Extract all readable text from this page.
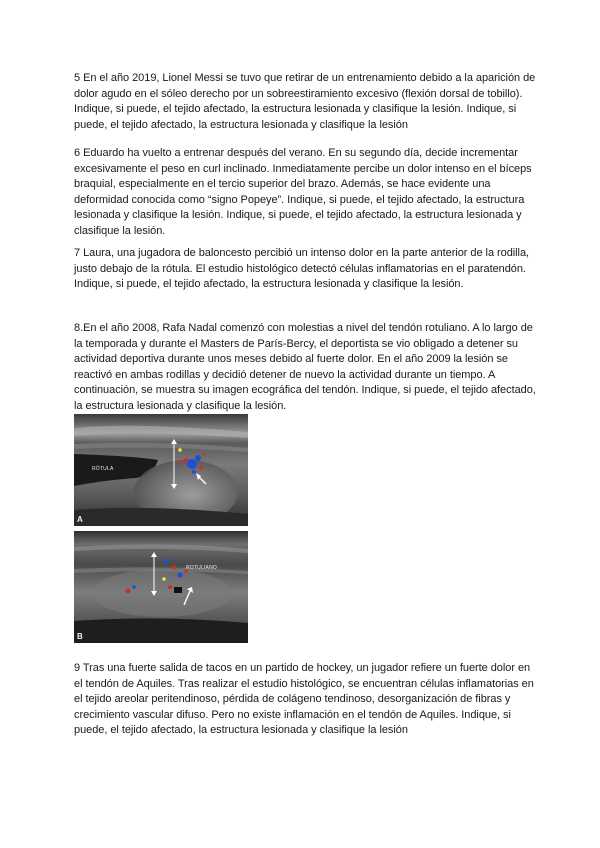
5 En el año 2019, Lionel Messi se tuvo que retirar de un entrenamiento debido a la aparición de dolor agudo en el sóleo derecho por un sobreestiramiento excesivo (flexión dorsal de tobillo). Indique, si puede, el tejido afectado, la estructura lesionada y clasifique la lesión. Indique, si puede, el tejido afectado, la estructura lesionada y clasifique la lesión

6 Eduardo ha vuelto a entrenar después del verano. En su segundo día, decide incrementar excesivamente el peso en curl inclinado. Inmediatamente percibe un dolor intenso en el bíceps braquial, especialmente en el tercio superior del brazo. Además, se hace evidente una deformidad conocida como “signo Popeye”. Indique, si puede, el tejido afectado, la estructura lesionada y clasifique la lesión. Indique, si puede, el tejido afectado, la estructura lesionada y clasifique la lesión.

7 Laura, una jugadora de baloncesto percibió un intenso dolor en la parte anterior de la rodilla, justo debajo de la rótula. El estudio histológico detectó células inflamatorias en el paratendón. Indique, si puede, el tejido afectado, la estructura lesionada y clasifique la lesión.

8.En el año 2008, Rafa Nadal comenzó con molestias a nivel del tendón rotuliano. A lo largo de la temporada y durante el Masters de París-Bercy, el deportista se vio obligado a detener su actividad deportiva durante unos meses debido al fuerte dolor. En el año 2009 la lesión se reactivó en ambas rodillas y decidió detener de nuevo la actividad durante un tiempo. A continuación, se muestra su imagen ecográfica del tendón. Indique, si puede, el tejido afectado, la estructura lesionada y clasifique la lesión.

RÓTULA
A
ROTULIANO
B

9 Tras una fuerte salida de tacos en un partido de hockey, un jugador refiere un fuerte dolor en el tendón de Aquiles. Tras realizar el estudio histológico, se encuentran células inflamatorias en el tejido areolar peritendinoso, pérdida de colágeno tendinoso, desorganización de fibras y crecimiento vascular difuso. Pero no existe inflamación en el tendón de Aquiles. Indique, si puede, el tejido afectado, la estructura lesionada y clasifique la lesión
